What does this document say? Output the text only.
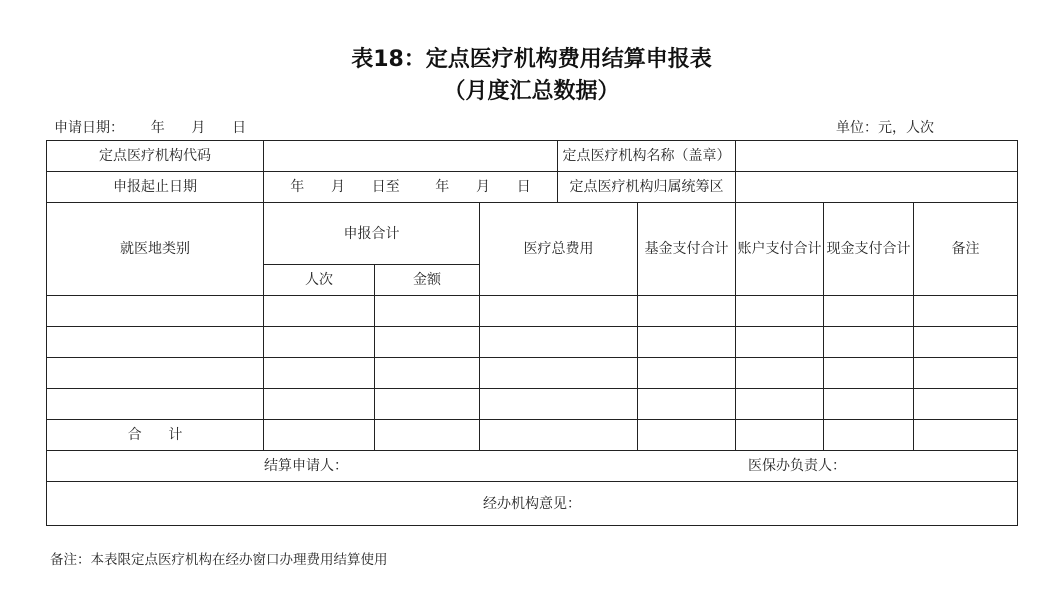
表18：定点医疗机构费用结算申报表
（月度汇总数据）
申请日期：      年      月      日	单位：元，人次
定点医疗机构代码				定点医疗机构名称（盖章）				
申报起止日期	年      月      日至        年      月      日			定点医疗机构归属统筹区				
就医地类别	申报合计		医疗总费用		基金支付合计	账户支付合计	现金支付合计	备注
	人次	金额						

合      计								

结算申请人： 医保办负责人：								

经办机构意见：								
备注：本表限定点医疗机构在经办窗口办理费用结算使用
